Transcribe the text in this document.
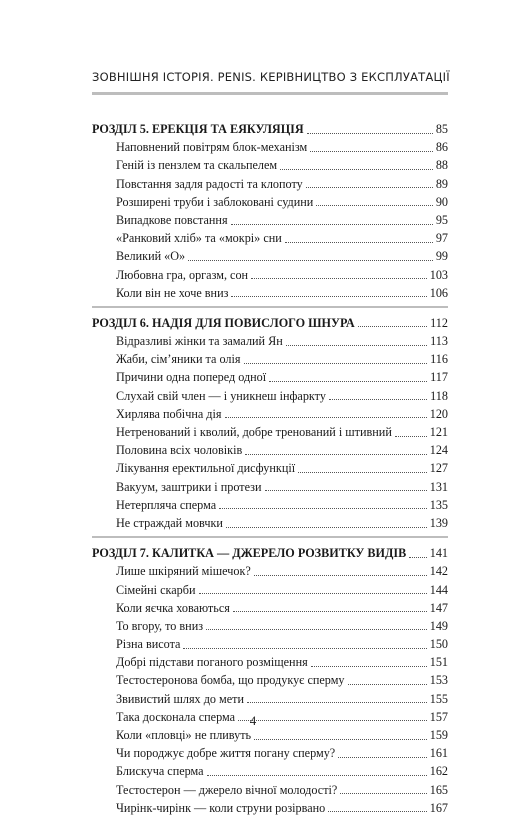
ЗОВНІШНЯ ІСТОРІЯ. PENIS. КЕРІВНИЦТВО З ЕКСПЛУАТАЦІЇ
РОЗДІЛ 5. ЕРЕКЦІЯ ТА ЕЯКУЛЯЦІЯ	85
Наповнений повітрям блок-механізм	86
Геній із пензлем та скальпелем	88
Повстання задля радості та клопоту	89
Розширені труби і заблоковані судини	90
Випадкове повстання	95
«Ранковий хліб» та «мокрі» сни	97
Великий «О»	99
Любовна гра, оргазм, сон	103
Коли він не хоче вниз	106
РОЗДІЛ 6. НАДІЯ ДЛЯ ПОВИСЛОГО ШНУРА	112
Відразливі жінки та замалий Ян	113
Жаби, сім’яники та олія	116
Причини одна поперед одної	117
Слухай свій член — і уникнеш інфаркту	118
Хирлява побічна дія	120
Нетренований і кволий, добре тренований і штивний	121
Половина всіх чоловіків	124
Лікування еректильної дисфункції	127
Вакуум, заштрики і протези	131
Нетерпляча сперма	135
Не страждай мовчки	139
РОЗДІЛ 7. КАЛИТКА — ДЖЕРЕЛО РОЗВИТКУ ВИДІВ 141
Лише шкіряний мішечок?	142
Сімейні скарби	144
Коли яєчка ховаються	147
То вгору, то вниз	149
Різна висота	150
Добрі підстави поганого розміщення	151
Тестостеронова бомба, що продукує сперму	153
Звивистий шлях до мети	155
Така досконала сперма	157
Коли «пловці» не пливуть	159
Чи породжує добре життя погану сперму?	161
Блискуча сперма	162
Тестостерон — джерело вічної молодості?	165
Чирінк-чирінк — коли струни розірвано	167
4
